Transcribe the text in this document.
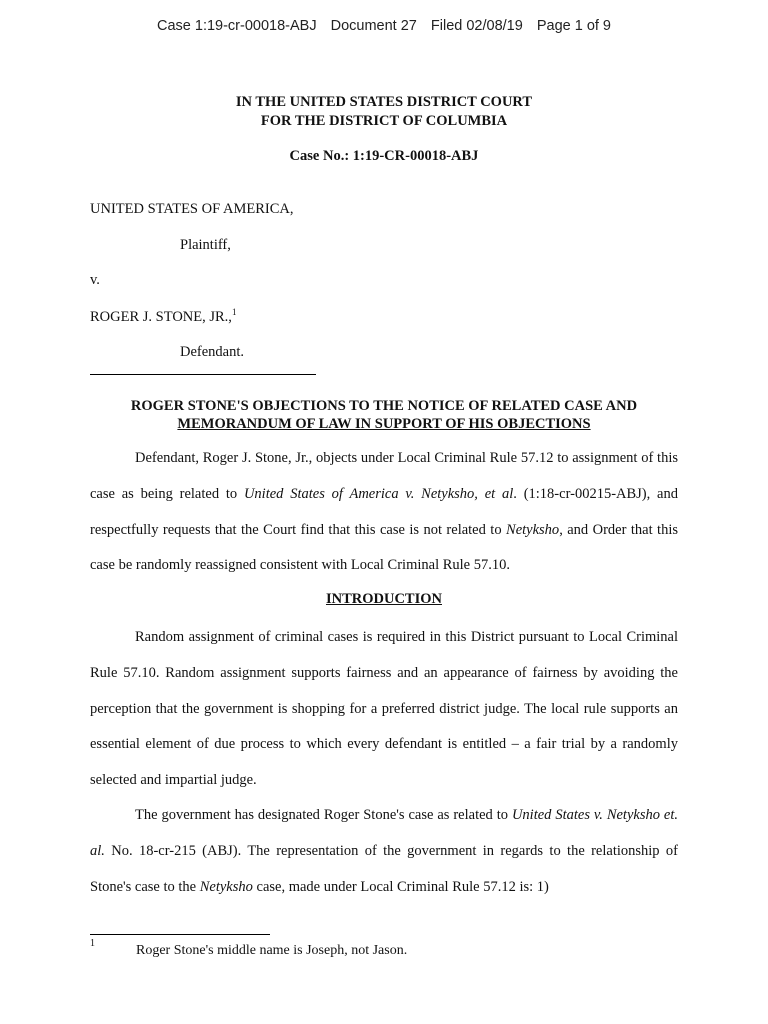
Case 1:19-cr-00018-ABJ Document 27 Filed 02/08/19 Page 1 of 9
IN THE UNITED STATES DISTRICT COURT
FOR THE DISTRICT OF COLUMBIA
Case No.: 1:19-CR-00018-ABJ
UNITED STATES OF AMERICA,
Plaintiff,
v.
ROGER J. STONE, JR.,$^1$
Defendant.
ROGER STONE'S OBJECTIONS TO THE NOTICE OF RELATED CASE AND
MEMORANDUM OF LAW IN SUPPORT OF HIS OBJECTIONS
Defendant, Roger J. Stone, Jr., objects under Local Criminal Rule 57.12 to assignment of this case as being related to United States of America v. Netyksho, et al. (1:18-cr-00215-ABJ), and respectfully requests that the Court find that this case is not related to Netyksho, and Order that this case be randomly reassigned consistent with Local Criminal Rule 57.10.
INTRODUCTION
Random assignment of criminal cases is required in this District pursuant to Local Criminal Rule 57.10. Random assignment supports fairness and an appearance of fairness by avoiding the perception that the government is shopping for a preferred district judge. The local rule supports an essential element of due process to which every defendant is entitled – a fair trial by a randomly selected and impartial judge.
The government has designated Roger Stone's case as related to United States v. Netyksho et. al. No. 18-cr-215 (ABJ). The representation of the government in regards to the relationship of Stone's case to the Netyksho case, made under Local Criminal Rule 57.12 is: 1)
1	Roger Stone's middle name is Joseph, not Jason.
